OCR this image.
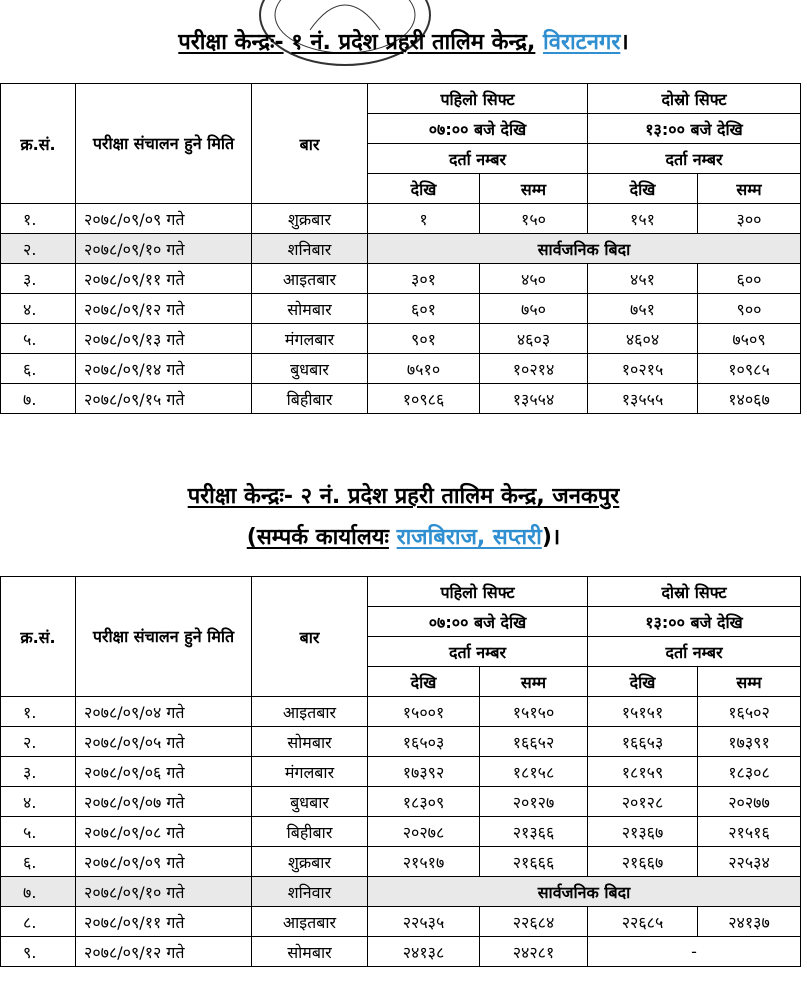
परीक्षा केन्द्रः- १ नं. प्रदेश प्रहरी तालिम केन्द्र, विराटनगर।
क्र.सं.	परीक्षा संचालन हुने मिति	बार	पहिलो सिफ्ट		दोस्रो सिफ्ट	
			०७:०० बजे देखि		१३:०० बजे देखि	
			दर्ता नम्बर		दर्ता नम्बर	
			देखि	सम्म	देखि	सम्म
१.	२०७८/०९/०९ गते	शुक्रबार	१	१५०	१५१	३००
२.	२०७८/०९/१० गते	शनिबार	सार्वजनिक बिदा			
३.	२०७८/०९/११ गते	आइतबार	३०१	४५०	४५१	६००
४.	२०७८/०९/१२ गते	सोमबार	६०१	७५०	७५१	९००
५.	२०७८/०९/१३ गते	मंगलबार	९०१	४६०३	४६०४	७५०९
६.	२०७८/०९/१४ गते	बुधबार	७५१०	१०२१४	१०२१५	१०९८५
७.	२०७८/०९/१५ गते	बिहीबार	१०९८६	१३५५४	१३५५५	१४०६७
परीक्षा केन्द्रः- २ नं. प्रदेश प्रहरी तालिम केन्द्र, जनकपुर
(सम्पर्क कार्यालयः राजबिराज, सप्तरी)।
क्र.सं.	परीक्षा संचालन हुने मिति	बार	पहिलो सिफ्ट		दोस्रो सिफ्ट	
			०७:०० बजे देखि		१३:०० बजे देखि	
			दर्ता नम्बर		दर्ता नम्बर	
			देखि	सम्म	देखि	सम्म
१.	२०७८/०९/०४ गते	आइतबार	१५००१	१५१५०	१५१५१	१६५०२
२.	२०७८/०९/०५ गते	सोमबार	१६५०३	१६६५२	१६६५३	१७३९१
३.	२०७८/०९/०६ गते	मंगलबार	१७३९२	१८१५८	१८१५९	१८३०८
४.	२०७८/०९/०७ गते	बुधबार	१८३०९	२०१२७	२०१२८	२०२७७
५.	२०७८/०९/०८ गते	बिहीबार	२०२७८	२१३६६	२१३६७	२१५१६
६.	२०७८/०९/०९ गते	शुक्रबार	२१५१७	२१६६६	२१६६७	२२५३४
७.	२०७८/०९/१० गते	शनिवार	सार्वजनिक बिदा			
८.	२०७८/०९/११ गते	आइतबार	२२५३५	२२६८४	२२६८५	२४१३७
९.	२०७८/०९/१२ गते	सोमबार	२४१३८	२४२८१	-	
